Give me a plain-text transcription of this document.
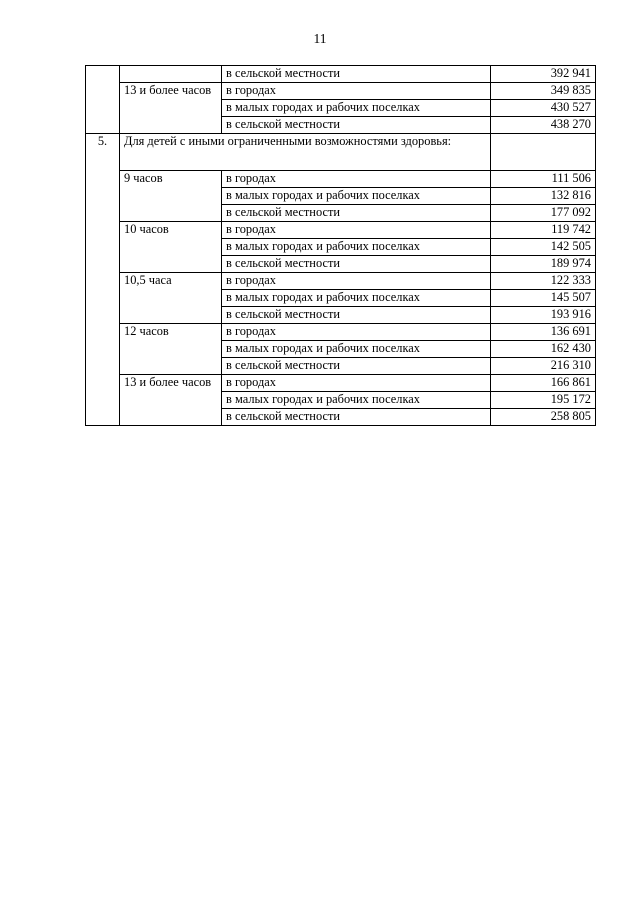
11
		в сельской местности	392 941
	13 и более часов	в городах	349 835
		в малых городах и рабочих поселках	430 527
		в сельской местности	438 270
5.	Для детей с иными ограниченными возможностями здоровья:		
	9 часов	в городах	111 506
		в малых городах и рабочих поселках	132 816
		в сельской местности	177 092
	10 часов	в городах	119 742
		в малых городах и рабочих поселках	142 505
		в сельской местности	189 974
	10,5 часа	в городах	122 333
		в малых городах и рабочих поселках	145 507
		в сельской местности	193 916
	12 часов	в городах	136 691
		в малых городах и рабочих поселках	162 430
		в сельской местности	216 310
	13 и более часов	в городах	166 861
		в малых городах и рабочих поселках	195 172
		в сельской местности	258 805
